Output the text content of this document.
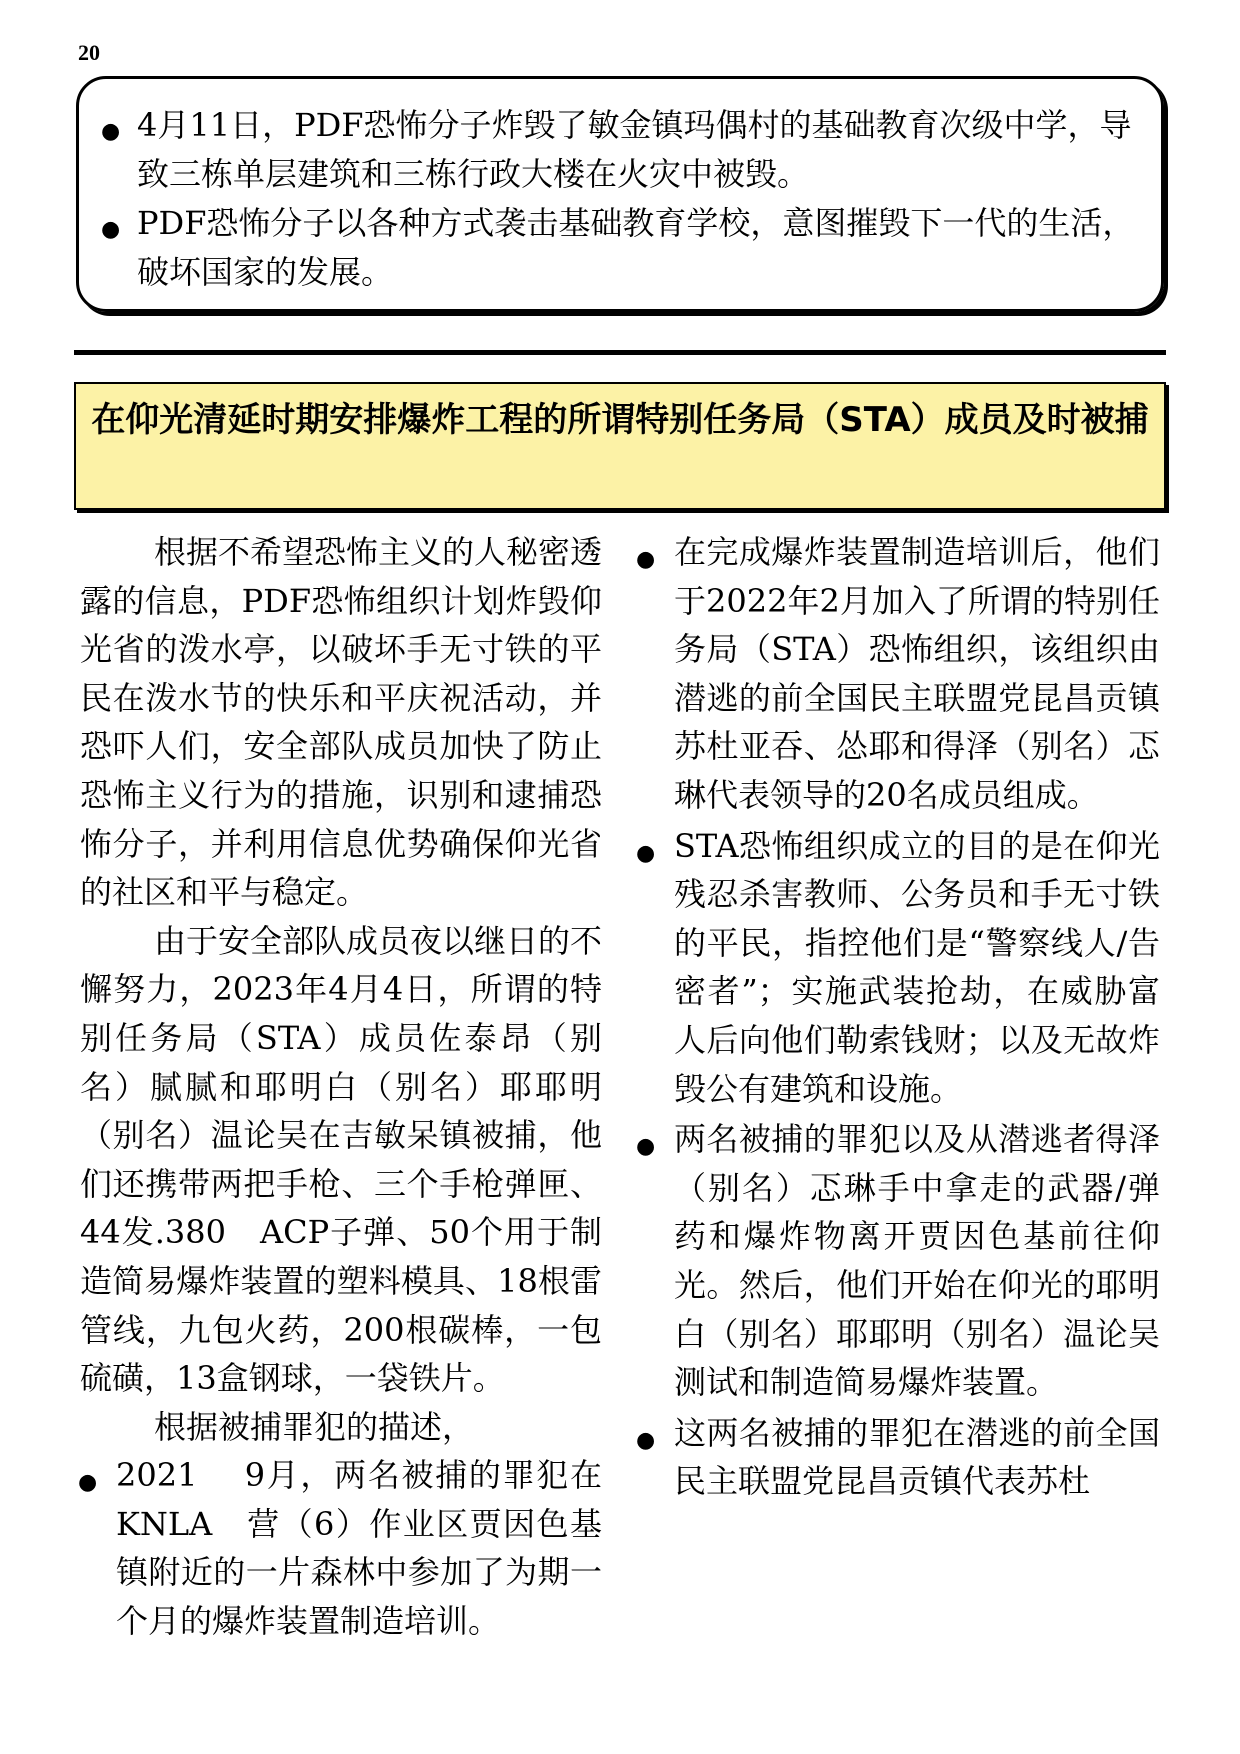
20
● 4月11日，PDF恐怖分子炸毁了敏金镇玛偶村的基础教育次级中学，导致三栋单层建筑和三栋行政大楼在火灾中被毁。
● PDF恐怖分子以各种方式袭击基础教育学校，意图摧毁下一代的生活，破坏国家的发展。
在仰光清延时期安排爆炸工程的所谓特别任务局（STA）成员及时被捕

根据不希望恐怖主义的人秘密透露的信息，PDF恐怖组织计划炸毁仰光省的泼水亭，以破坏手无寸铁的平民在泼水节的快乐和平庆祝活动，并恐吓人们，安全部队成员加快了防止恐怖主义行为的措施，识别和逮捕恐怖分子，并利用信息优势确保仰光省的社区和平与稳定。

由于安全部队成员夜以继日的不懈努力，2023年4月4日，所谓的特别任务局（STA）成员佐泰昂（别名）腻腻和耶明白（别名）耶耶明（别名）温论吴在吉敏呆镇被捕，他们还携带两把手枪、三个手枪弹匣、44发.380　ACP子弹、50个用于制造简易爆炸装置的塑料模具、18根雷管线，九包火药，200根碳棒，一包硫磺，13盒钢球，一袋铁片。

根据被捕罪犯的描述，

● 2021　 9月，两名被捕的罪犯在KNLA　营（6）作业区贾因色基镇附近的一片森林中参加了为期一个月的爆炸装置制造培训。
● 在完成爆炸装置制造培训后，他们于2022年2月加入了所谓的特别任务局（STA）恐怖组织，该组织由潜逃的前全国民主联盟党昆昌贡镇苏杜亚吞、怂耶和得泽（别名）忑琳代表领导的20名成员组成。
● STA恐怖组织成立的目的是在仰光残忍杀害教师、公务员和手无寸铁的平民，指控他们是“警察线人/告密者”；实施武装抢劫，在威胁富人后向他们勒索钱财；以及无故炸毁公有建筑和设施。
● 两名被捕的罪犯以及从潜逃者得泽（别名）忑琳手中拿走的武器/弹药和爆炸物离开贾因色基前往仰光。然后，他们开始在仰光的耶明白（别名）耶耶明（别名）温论吴测试和制造简易爆炸装置。
● 这两名被捕的罪犯在潜逃的前全国民主联盟党昆昌贡镇代表苏杜
